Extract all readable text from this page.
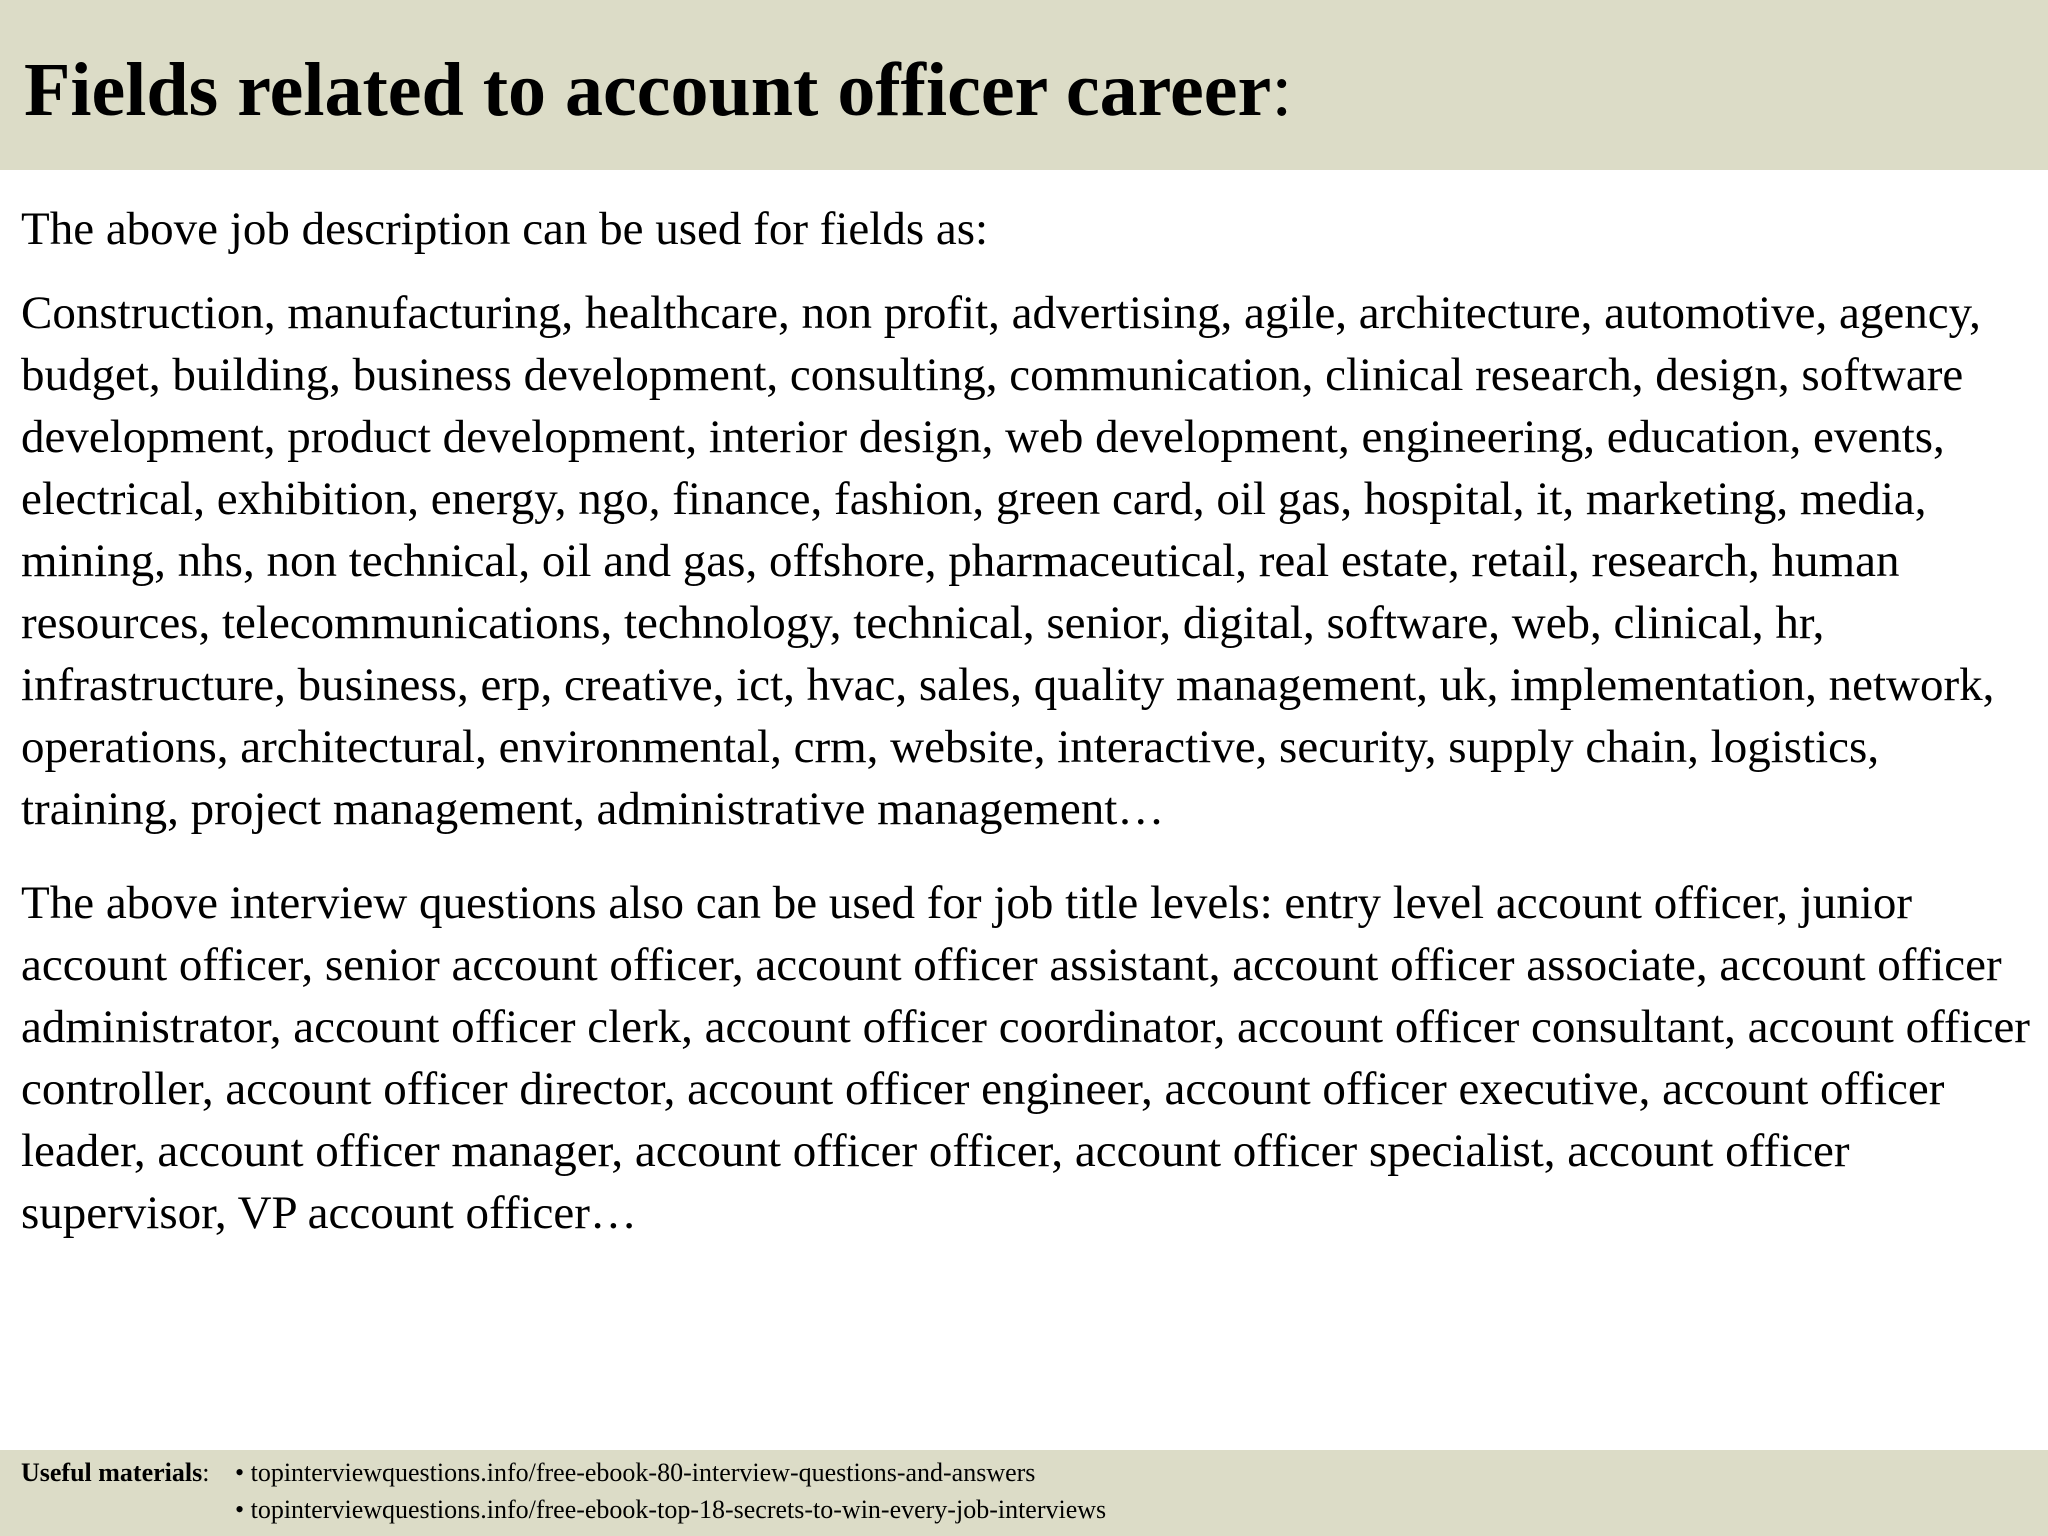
Fields related to account officer career:

The above job description can be used for fields as:

Construction, manufacturing, healthcare, non profit, advertising, agile, architecture, automotive, agency, budget, building, business development, consulting, communication, clinical research, design, software development, product development, interior design, web development, engineering, education, events, electrical, exhibition, energy, ngo, finance, fashion, green card, oil gas, hospital, it, marketing, media, mining, nhs, non technical, oil and gas, offshore, pharmaceutical, real estate, retail, research, human resources, telecommunications, technology, technical, senior, digital, software, web, clinical, hr, infrastructure, business, erp, creative, ict, hvac, sales, quality management, uk, implementation, network, operations, architectural, environmental, crm, website, interactive, security, supply chain, logistics, training, project management, administrative management…

The above interview questions also can be used for job title levels: entry level account officer, junior account officer, senior account officer, account officer assistant, account officer associate, account officer administrator, account officer clerk, account officer coordinator, account officer consultant, account officer controller, account officer director, account officer engineer, account officer executive, account officer leader, account officer manager, account officer officer, account officer specialist, account officer supervisor, VP account officer…

Useful materials: • topinterviewquestions.info/free-ebook-80-interview-questions-and-answers
• topinterviewquestions.info/free-ebook-top-18-secrets-to-win-every-job-interviews
